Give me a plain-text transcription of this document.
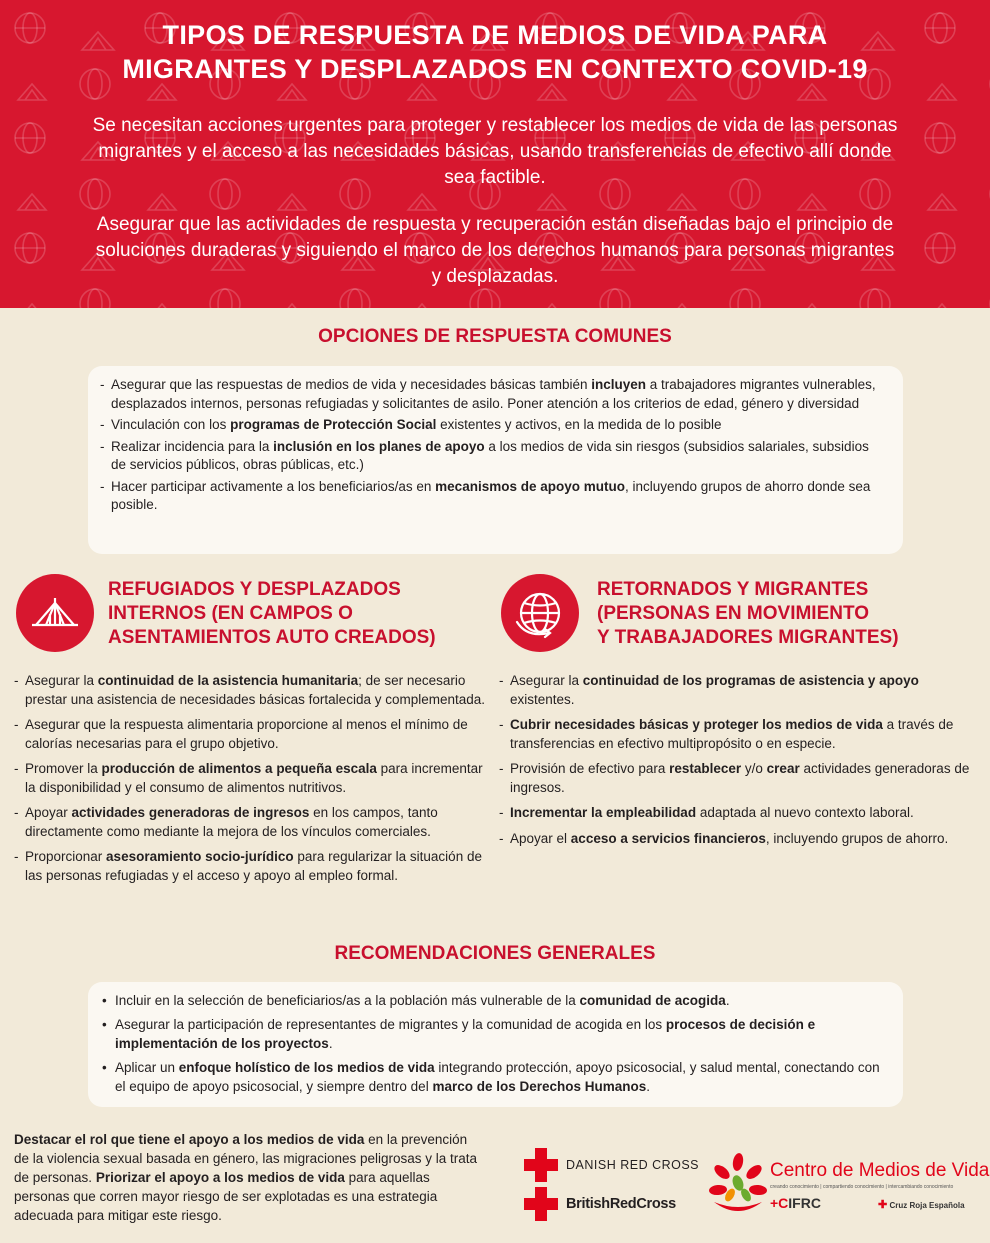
TIPOS DE RESPUESTA DE MEDIOS DE VIDA PARA
MIGRANTES Y DESPLAZADOS EN CONTEXTO COVID-19

Se necesitan acciones urgentes para proteger y restablecer los medios de vida de las personas migrantes y el acceso a las necesidades básicas, usando transferencias de efectivo allí donde sea factible.

Asegurar que las actividades de respuesta y recuperación están diseñadas bajo el principio de soluciones duraderas y siguiendo el marco de los derechos humanos para personas migrantes y desplazadas.

OPCIONES DE RESPUESTA COMUNES
- Asegurar que las respuestas de medios de vida y necesidades básicas también incluyen a trabajadores migrantes vulnerables, desplazados internos, personas refugiadas y solicitantes de asilo. Poner atención a los criterios de edad, género y diversidad
- Vinculación con los programas de Protección Social existentes y activos, en la medida de lo posible
- Realizar incidencia para la inclusión en los planes de apoyo a los medios de vida sin riesgos (subsidios salariales, subsidios de servicios públicos, obras públicas, etc.)
- Hacer participar activamente a los beneficiarios/as en mecanismos de apoyo mutuo, incluyendo grupos de ahorro donde sea posible.
REFUGIADOS Y DESPLAZADOS
INTERNOS (EN CAMPOS O
ASENTAMIENTOS AUTO CREADOS)
- Asegurar la continuidad de la asistencia humanitaria; de ser necesario prestar una asistencia de necesidades básicas fortalecida y complementada.
- Asegurar que la respuesta alimentaria proporcione al menos el mínimo de calorías necesarias para el grupo objetivo.
- Promover la producción de alimentos a pequeña escala para incrementar la disponibilidad y el consumo de alimentos nutritivos.
- Apoyar actividades generadoras de ingresos en los campos, tanto directamente como mediante la mejora de los vínculos comerciales.
- Proporcionar asesoramiento socio-jurídico para regularizar la situación de las personas refugiadas y el acceso y apoyo al empleo formal.
RETORNADOS Y MIGRANTES
(PERSONAS EN MOVIMIENTO
Y TRABAJADORES MIGRANTES)
- Asegurar la continuidad de los programas de asistencia y apoyo existentes.
- Cubrir necesidades básicas y proteger los medios de vida a través de transferencias en efectivo multipropósito o en especie.
- Provisión de efectivo para restablecer y/o crear actividades generadoras de ingresos.
- Incrementar la empleabilidad adaptada al nuevo contexto laboral.
- Apoyar el acceso a servicios financieros, incluyendo grupos de ahorro.
RECOMENDACIONES GENERALES
• Incluir en la selección de beneficiarios/as a la población más vulnerable de la comunidad de acogida.
• Asegurar la participación de representantes de migrantes y la comunidad de acogida en los procesos de decisión e implementación de los proyectos.
• Aplicar un enfoque holístico de los medios de vida integrando protección, apoyo psicosocial, y salud mental, conectando con el equipo de apoyo psicosocial, y siempre dentro del marco de los Derechos Humanos.

Destacar el rol que tiene el apoyo a los medios de vida en la prevención de la violencia sexual basada en género, las migraciones peligrosas y la trata de personas. Priorizar el apoyo a los medios de vida para aquellas personas que corren mayor riesgo de ser explotadas es una estrategia adecuada para mitigar este riesgo.

DANISH RED CROSS
BritishRedCross
Centro de Medios de Vida
creando conocimiento | compartiendo conocimiento | intercambiando conocimiento
+CIFRC	✚ Cruz Roja Española
